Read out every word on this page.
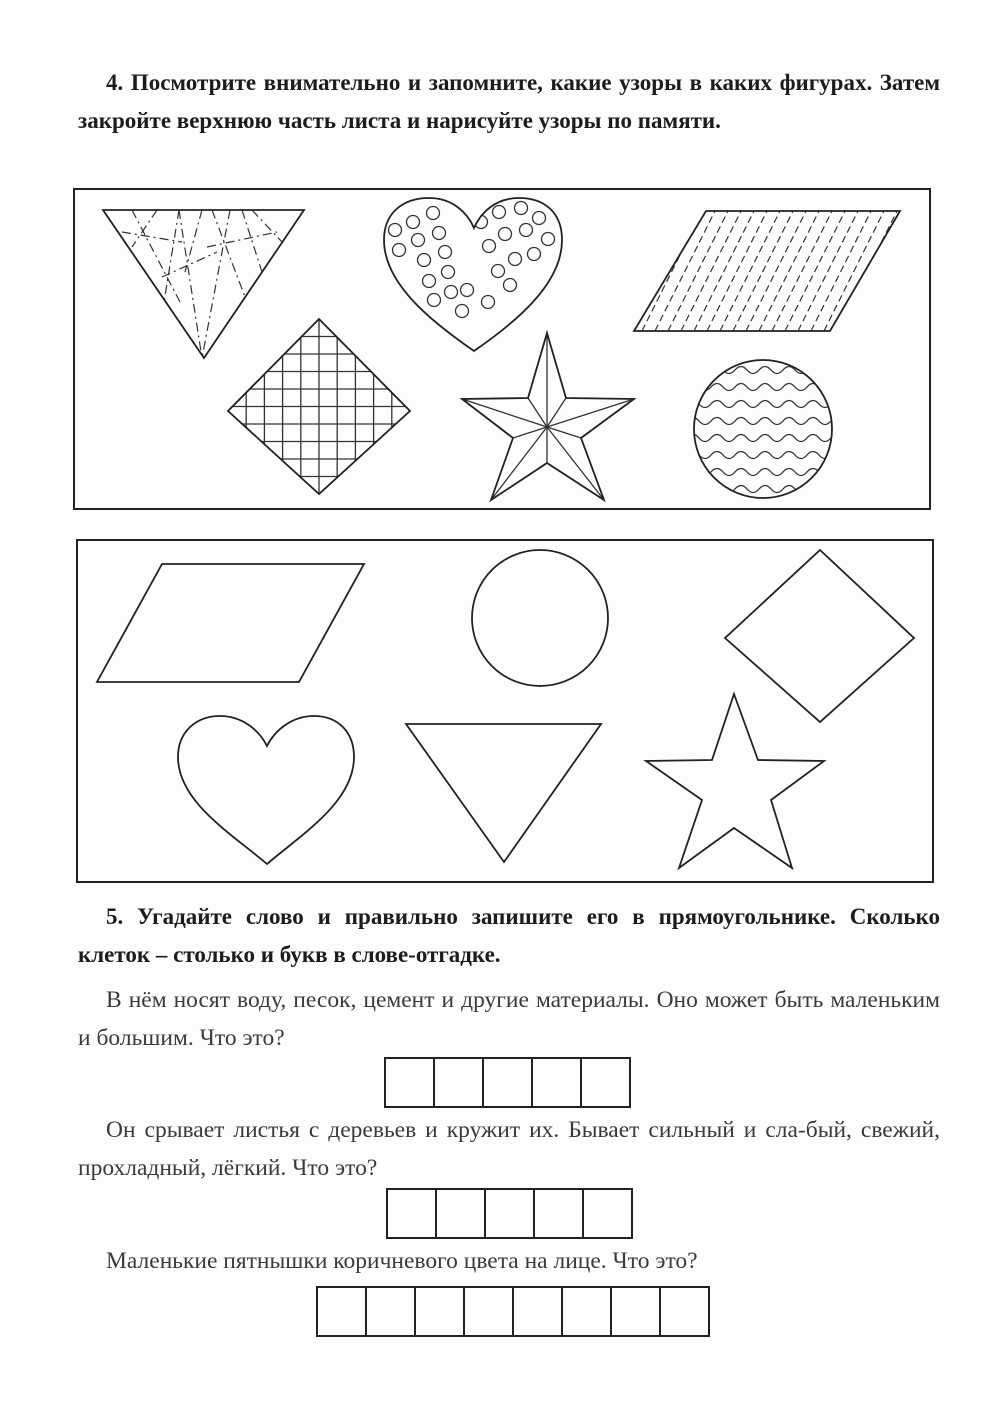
4. Посмотрите внимательно и запомните, какие узоры в каких фигурах. Затем закройте верхнюю часть листа и нарисуйте узоры по памяти.

5. Угадайте слово и правильно запишите его в прямоугольнике. Сколько клеток – столько и букв в слове-отгадке.

В нём носят воду, песок, цемент и другие материалы. Оно может быть маленьким и большим. Что это?

Он срывает листья с деревьев и кружит их. Бывает сильный и сла-бый, свежий, прохладный, лёгкий. Что это?

Маленькие пятнышки коричневого цвета на лице. Что это?
